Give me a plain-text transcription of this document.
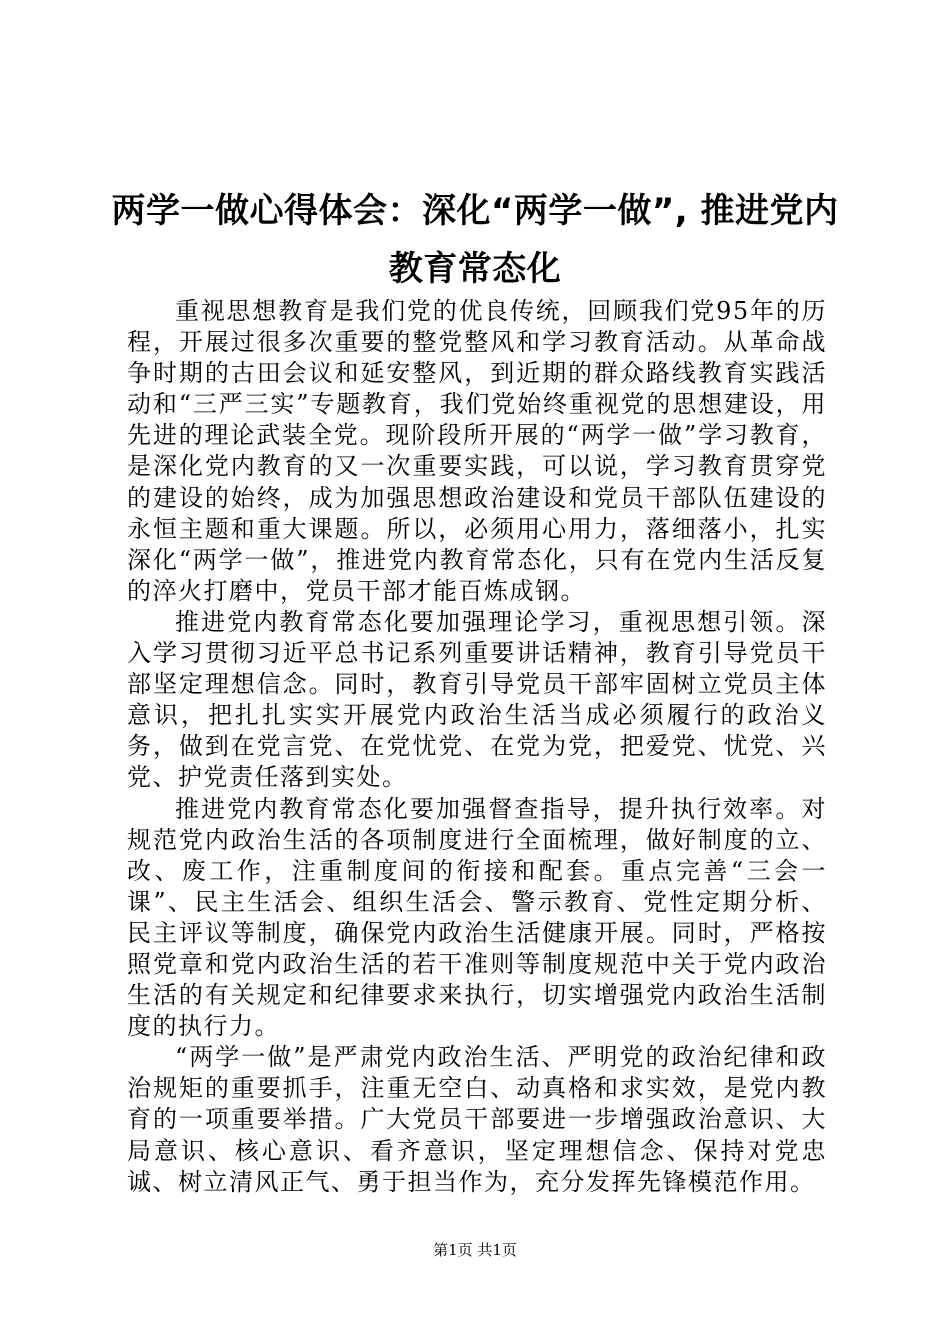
两学一做心得体会：深化“两学一做”, 推进党内教育常态化

重视思想教育是我们党的优良传统，回顾我们党95年的历程，开展过很多次重要的整党整风和学习教育活动。从革命战争时期的古田会议和延安整风，到近期的群众路线教育实践活动和“三严三实”专题教育，我们党始终重视党的思想建设，用先进的理论武装全党。现阶段所开展的“两学一做”学习教育，是深化党内教育的又一次重要实践，可以说，学习教育贯穿党的建设的始终，成为加强思想政治建设和党员干部队伍建设的永恒主题和重大课题。所以，必须用心用力，落细落小，扎实深化“两学一做”，推进党内教育常态化，只有在党内生活反复的淬火打磨中，党员干部才能百炼成钢。

推进党内教育常态化要加强理论学习，重视思想引领。深入学习贯彻习近平总书记系列重要讲话精神，教育引导党员干部坚定理想信念。同时，教育引导党员干部牢固树立党员主体意识，把扎扎实实开展党内政治生活当成必须履行的政治义务，做到在党言党、在党忧党、在党为党，把爱党、忧党、兴党、护党责任落到实处。

推进党内教育常态化要加强督查指导，提升执行效率。对规范党内政治生活的各项制度进行全面梳理，做好制度的立、改、废工作，注重制度间的衔接和配套。重点完善“三会一课”、民主生活会、组织生活会、警示教育、党性定期分析、民主评议等制度，确保党内政治生活健康开展。同时，严格按照党章和党内政治生活的若干准则等制度规范中关于党内政治生活的有关规定和纪律要求来执行，切实增强党内政治生活制度的执行力。

“两学一做”是严肃党内政治生活、严明党的政治纪律和政治规矩的重要抓手，注重无空白、动真格和求实效，是党内教育的一项重要举措。广大党员干部要进一步增强政治意识、大局意识、核心意识、看齐意识，坚定理想信念、保持对党忠诚、树立清风正气、勇于担当作为，充分发挥先锋模范作用。

第1页 共1页
